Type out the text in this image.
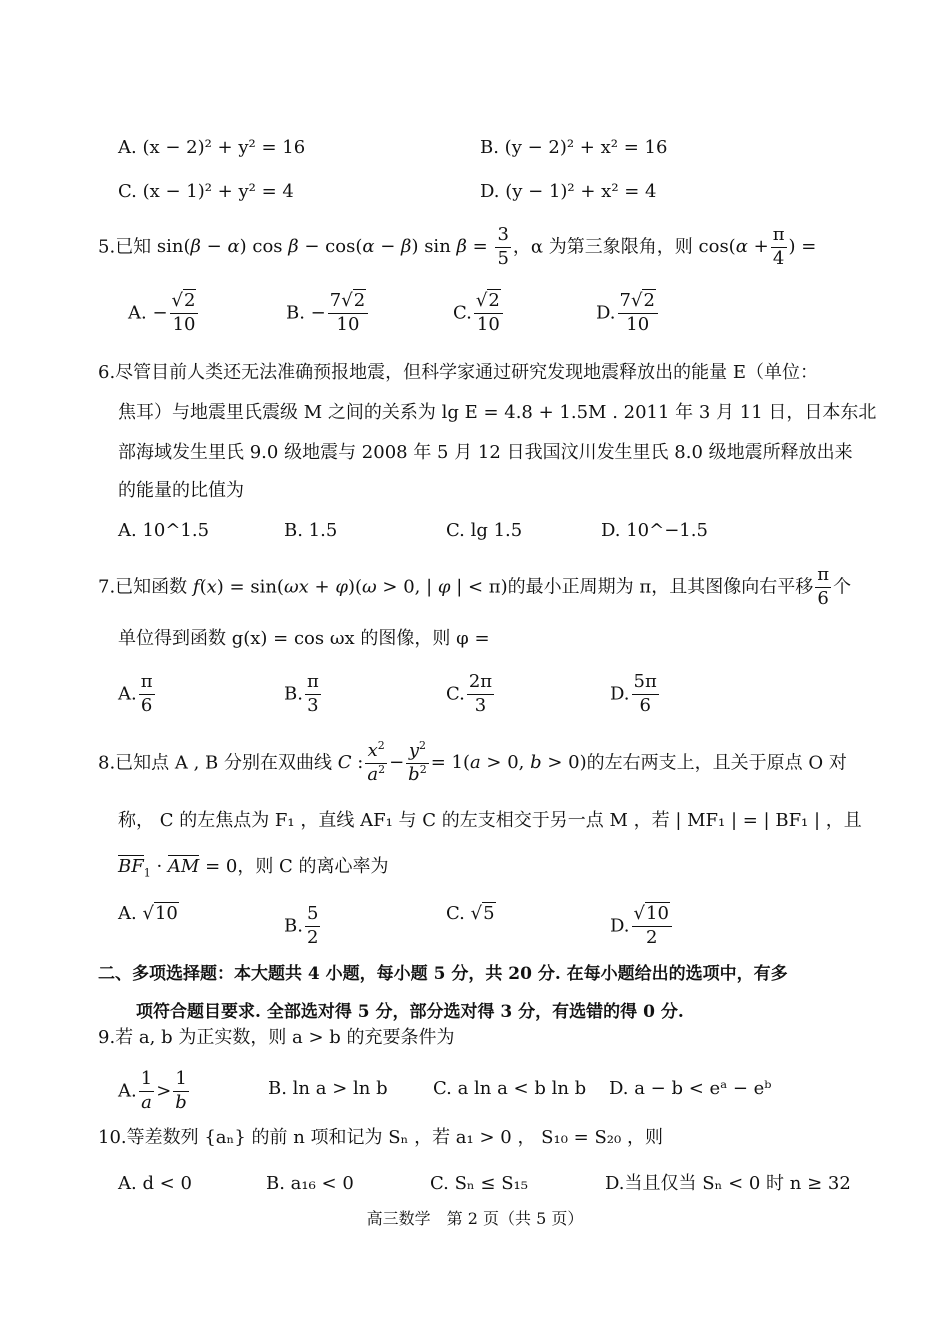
A. (x − 2)² + y² = 16	B. (y − 2)² + x² = 16
C. (x − 1)² + y² = 4	D. (y − 1)² + x² = 4
5.已知 sin(β − α) cos β − cos(α − β) $\sin \beta = \frac{3}{5}$ ，α 为第三象限角，则 $\cos(\alpha + \frac{\pi}{4}$ ) =
A. − $\frac{√2}{10}$	B. − $\frac{7√2}{10}$	C. $\frac{√2}{10}$	D. $\frac{7√2}{10}$
6.尽管目前人类还无法准确预报地震，但科学家通过研究发现地震释放出的能量 E（单位：
焦耳）与地震里氏震级 M 之间的关系为 lg E = 4.8 + 1.5M . 2011 年 3 月 11 日，日本东北
部海域发生里氏 9.0 级地震与 2008 年 5 月 12 日我国汶川发生里氏 8.0 级地震所释放出来
的能量的比值为
A. 10^1.5	B. 1.5	C. lg 1.5	D. 10^−1.5
7.已知函数 f(x) = sin(ωx + φ)(ω > 0, | φ | < π)的最小正周期为 π，且其图像向右平移 $\frac{\pi}{6}$ 个
单位得到函数 g(x) = cos ωx 的图像，则 φ =
A. $\frac{\pi}{6}$	B. $\frac{\pi}{3}$	C. $\frac{2\pi}{3}$	D. $\frac{5\pi}{6}$
8.已知点 A , B 分别在双曲线 C : $\frac{x^2}{a^2} - \frac{y^2}{b^2} = 1(a > 0$, b > 0)的左右两支上，且关于原点 O 对
称， C 的左焦点为 F₁ ，直线 AF₁ 与 C 的左支相交于另一点 M ，若 | MF₁ | = | BF₁ | ，且
$BF_1$ · AM = 0，则 C 的离心率为
A. √10
B. $\frac{5}{2}$	C. √5
D. $\frac{√10}{2}$
二、多项选择题：本大题共 4 小题，每小题 5 分，共 20 分. 在每小题给出的选项中，有多
项符合题目要求. 全部选对得 5 分，部分选对得 3 分，有选错的得 0 分.
9.若 a, b 为正实数，则 a > b 的充要条件为
A. $\frac{1}{a} > \frac{1}{b}$	B. ln a > ln b	C. a ln a < b ln b D. a − b < eᵃ − eᵇ
10.等差数列 {aₙ} 的前 n 项和记为 Sₙ ，若 a₁ > 0 ， S₁₀ = S₂₀ ，则
A. d < 0	B. a₁₆ < 0	C. Sₙ ≤ S₁₅	D.当且仅当 Sₙ < 0 时 n ≥ 32
高三数学　第 2 页（共 5 页）
